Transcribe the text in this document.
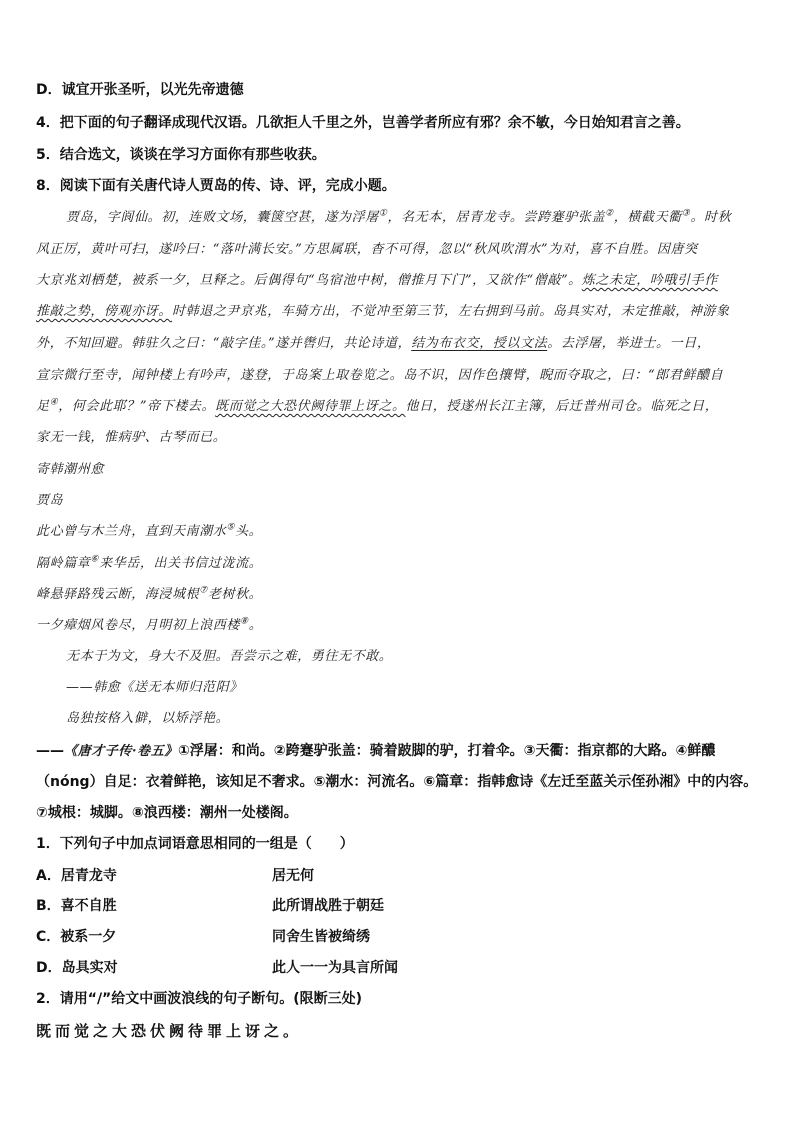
D．诚宜开张圣听，以光先帝遗德
4．把下面的句子翻译成现代汉语。几欲拒人千里之外，岂善学者所应有邪？余不敏，今日始知君言之善。
5．结合选文，谈谈在学习方面你有那些收获。
8．阅读下面有关唐代诗人贾岛的传、诗、评，完成小题。
贾岛，字阆仙。初，连败文场，囊箧空甚，遂为浮屠①，名无本，居青龙寺。尝跨蹇驴张盖②，横截天衢③。时秋
风正厉，黄叶可扫，遂吟曰：“落叶满长安。”方思属联，杳不可得，忽以“秋风吹渭水”为对，喜不自胜。因唐突
大京兆刘栖楚，被系一夕，旦释之。后偶得句“鸟宿池中树，僧推月下门”，又欲作“僧敲”。炼之未定，吟哦引手作
推敲之势，傍观亦讶。时韩退之尹京兆，车骑方出，不觉冲至第三节，左右拥到马前。岛具实对，未定推敲，神游象
外，不知回避。韩驻久之曰：“敲字佳。”遂并辔归，共论诗道，结为布衣交，授以文法。去浮屠，举进士。一日，
宣宗微行至寺，闻钟楼上有吟声，遂登，于岛案上取卷览之。岛不识，因作色攘臂，睨而夺取之，曰：“郎君鲜醲自
足④，何会此耶？”帝下楼去。既而觉之大恐伏阙待罪上讶之。他日，授遂州长江主簿，后迁普州司仓。临死之日，
家无一钱，惟病驴、古琴而已。
寄韩潮州愈
贾岛
此心曾与木兰舟，直到天南潮水⑤头。
隔岭篇章⑥来华岳，出关书信过泷流。
峰悬驿路残云断，海浸城根⑦老树秋。
一夕瘴烟风卷尽，月明初上浪西楼⑧。
无本于为文，身大不及胆。吾尝示之难，勇往无不敢。
——韩愈《送无本师归范阳》
岛独按格入僻，以矫浮艳。
——《唐才子传·卷五》①浮屠：和尚。②跨蹇驴张盖：骑着跛脚的驴，打着伞。③天衢：指京都的大路。④鲜醲
（nóng）自足：衣着鲜艳，该知足不奢求。⑤潮水：河流名。⑥篇章：指韩愈诗《左迁至蓝关示侄孙湘》中的内容。
⑦城根：城脚。⑧浪西楼：潮州一处楼阁。
1．下列句子中加点词语意思相同的一组是（　　）
A．居青龙寺	居无何
B．喜不自胜	此所谓战胜于朝廷
C．被系一夕	同舍生皆被绮绣
D．岛具实对	此人一一为具言所闻
2．请用“/”给文中画波浪线的句子断句。(限断三处)
既而觉之大恐伏阙待罪上讶之。
